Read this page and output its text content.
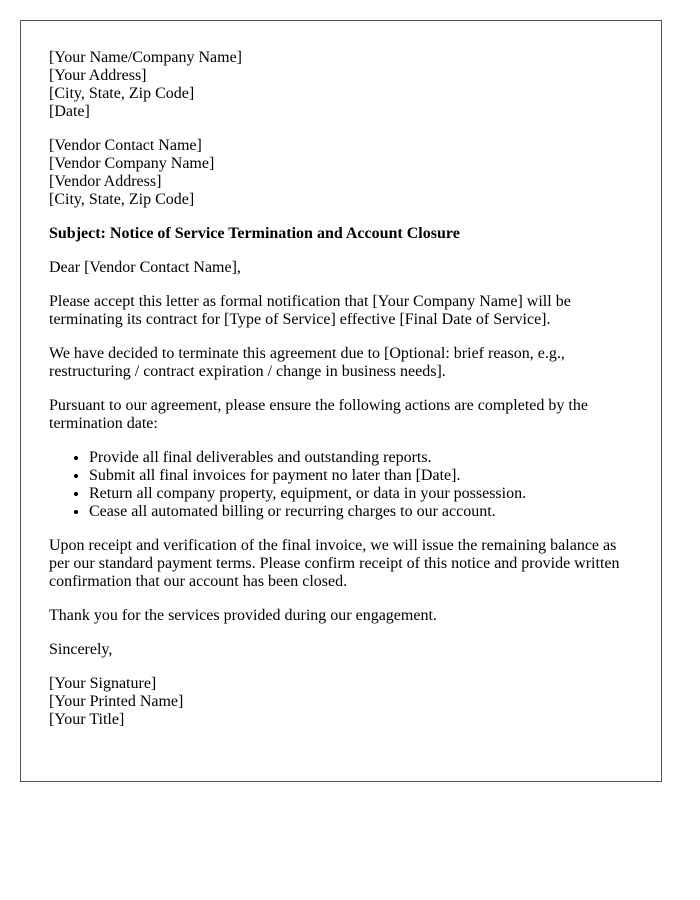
[Your Name/Company Name]
[Your Address]
[City, State, Zip Code]
[Date]

[Vendor Contact Name]
[Vendor Company Name]
[Vendor Address]
[City, State, Zip Code]

Subject: Notice of Service Termination and Account Closure

Dear [Vendor Contact Name],

Please accept this letter as formal notification that [Your Company Name] will be terminating its contract for [Type of Service] effective [Final Date of Service].

We have decided to terminate this agreement due to [Optional: brief reason, e.g., restructuring / contract expiration / change in business needs].

Pursuant to our agreement, please ensure the following actions are completed by the termination date:

• Provide all final deliverables and outstanding reports.
• Submit all final invoices for payment no later than [Date].
• Return all company property, equipment, or data in your possession.
• Cease all automated billing or recurring charges to our account.

Upon receipt and verification of the final invoice, we will issue the remaining balance as per our standard payment terms. Please confirm receipt of this notice and provide written confirmation that our account has been closed.

Thank you for the services provided during our engagement.

Sincerely,

[Your Signature]
[Your Printed Name]
[Your Title]
